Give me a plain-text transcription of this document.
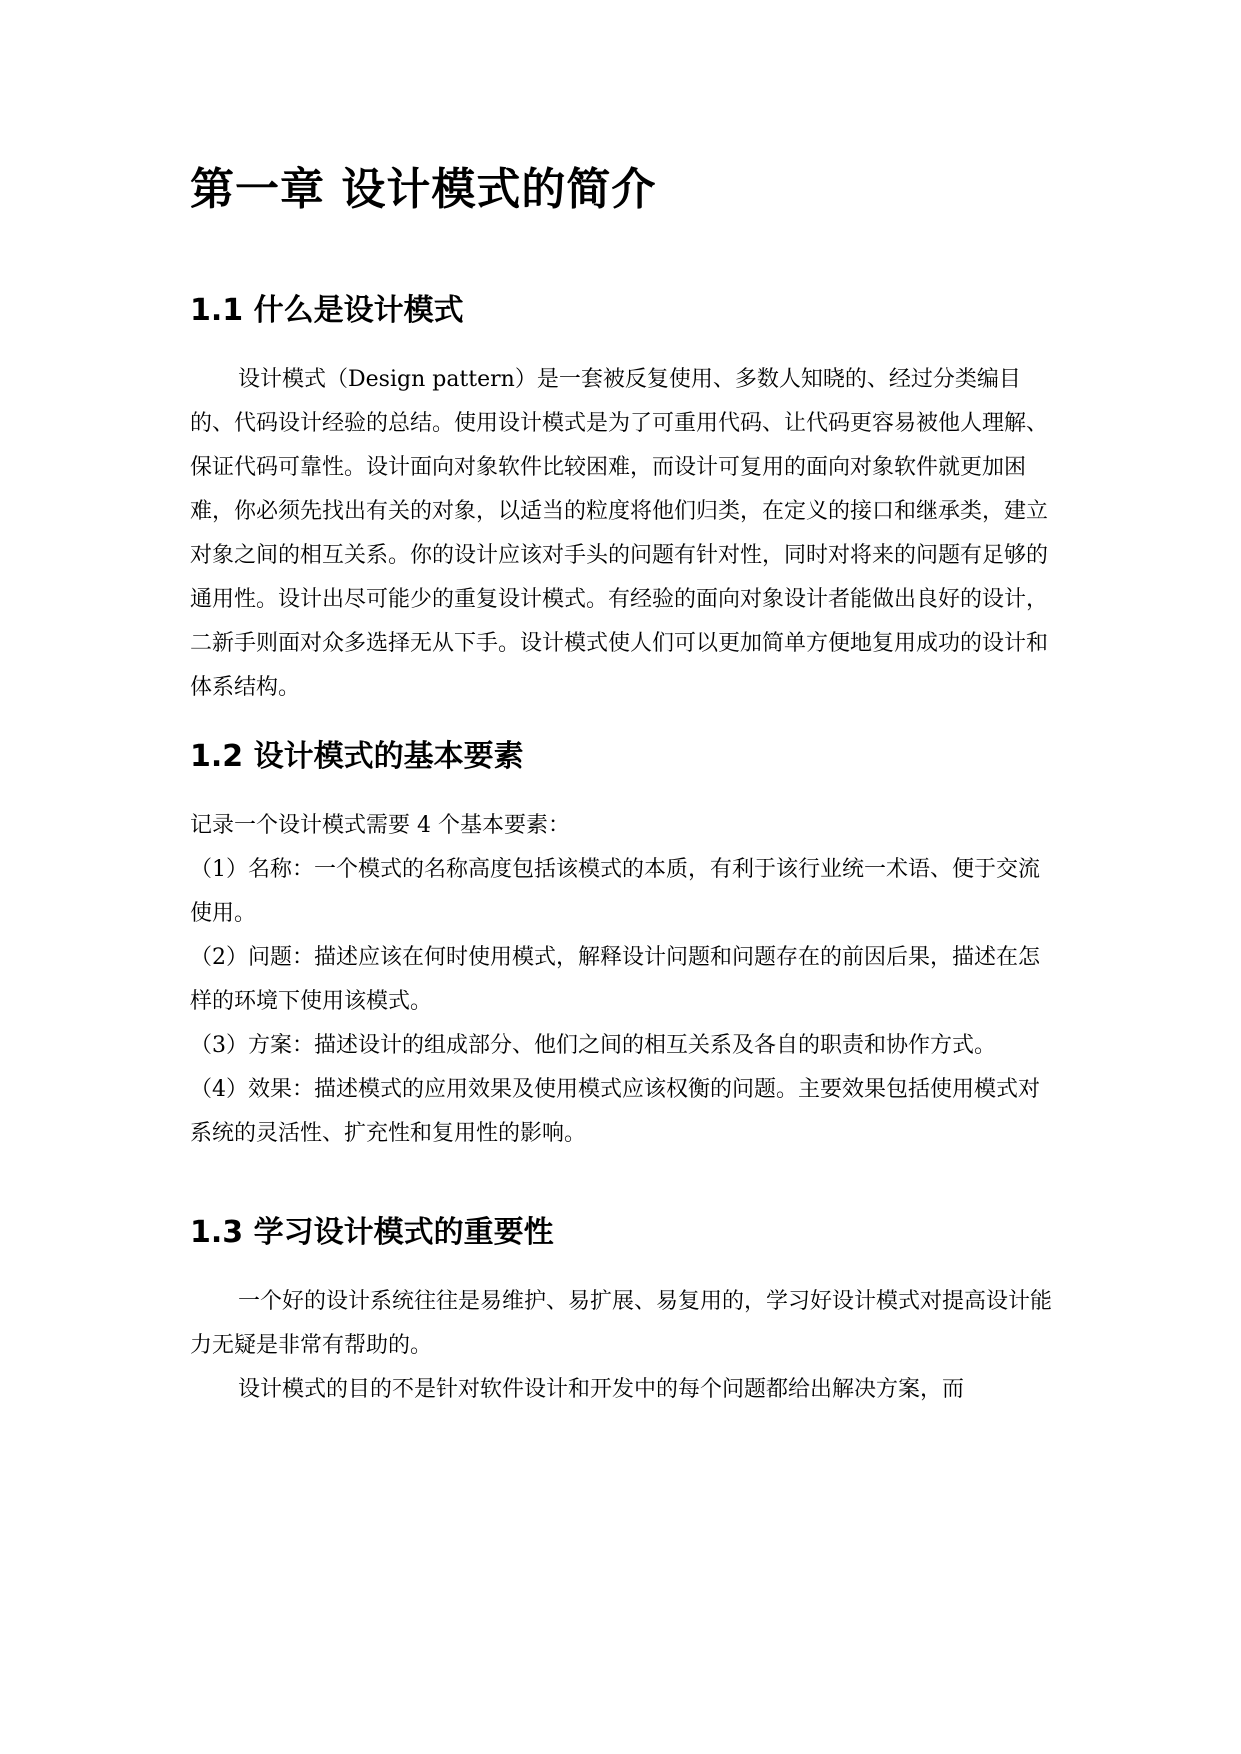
第一章 设计模式的简介
1.1 什么是设计模式

设计模式（Design pattern）是一套被反复使用、多数人知晓的、经过分类编目的、代码设计经验的总结。使用设计模式是为了可重用代码、让代码更容易被他人理解、保证代码可靠性。设计面向对象软件比较困难，而设计可复用的面向对象软件就更加困难，你必须先找出有关的对象，以适当的粒度将他们归类，在定义的接口和继承类，建立对象之间的相互关系。你的设计应该对手头的问题有针对性，同时对将来的问题有足够的通用性。设计出尽可能少的重复设计模式。有经验的面向对象设计者能做出良好的设计，二新手则面对众多选择无从下手。设计模式使人们可以更加简单方便地复用成功的设计和体系结构。

1.2 设计模式的基本要素

记录一个设计模式需要 4 个基本要素：

（1）名称：一个模式的名称高度包括该模式的本质，有利于该行业统一术语、便于交流使用。

（2）问题：描述应该在何时使用模式，解释设计问题和问题存在的前因后果，描述在怎样的环境下使用该模式。

（3）方案：描述设计的组成部分、他们之间的相互关系及各自的职责和协作方式。

（4）效果：描述模式的应用效果及使用模式应该权衡的问题。主要效果包括使用模式对系统的灵活性、扩充性和复用性的影响。

1.3 学习设计模式的重要性

一个好的设计系统往往是易维护、易扩展、易复用的，学习好设计模式对提高设计能力无疑是非常有帮助的。

设计模式的目的不是针对软件设计和开发中的每个问题都给出解决方案，而
